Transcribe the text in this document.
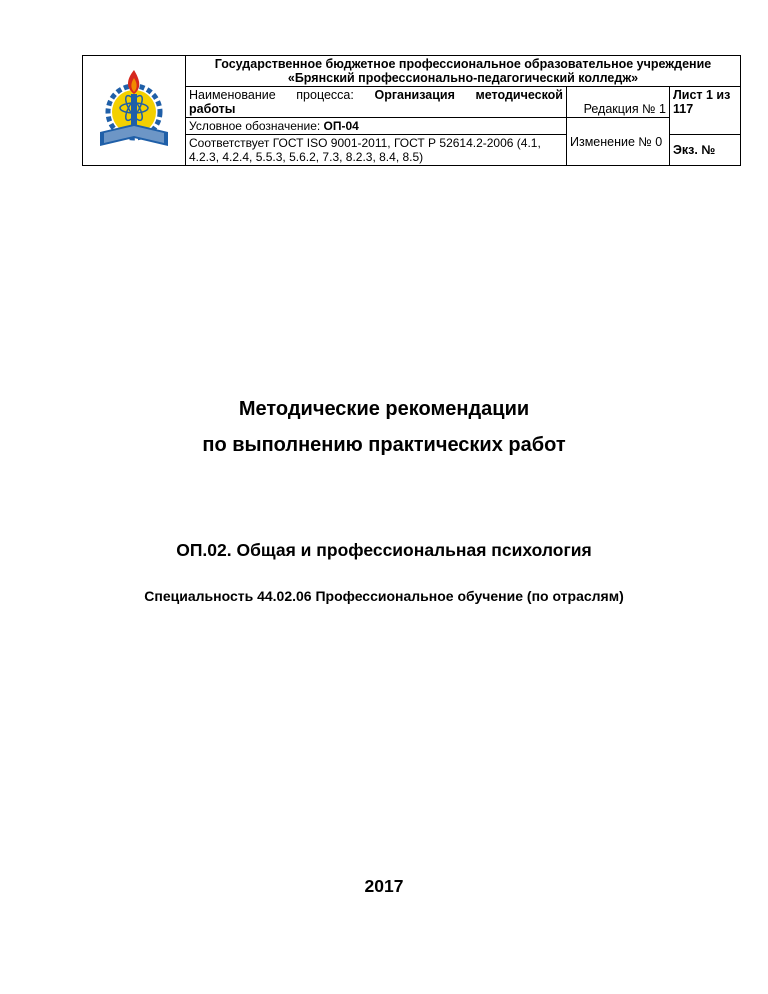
Государственное бюджетное профессиональное образовательное учреждение
«Брянский профессионально-педагогический колледж»		

	Наименование процесса: Организация методической
работы	Редакция № 1	Лист 1 из 117
	Условное обозначение: ОП-04	Изменение № 0	
	Соответствует ГОСТ ISO 9001-2011, ГОСТ Р 52614.2-2006 (4.1, 4.2.3, 4.2.4, 5.5.3, 5.6.2, 7.3, 8.2.3, 8.4, 8.5)		Экз. №
Методические рекомендации
по выполнению практических работ
ОП.02. Общая и профессиональная психология
Специальность 44.02.06 Профессиональное обучение (по отраслям)
2017
